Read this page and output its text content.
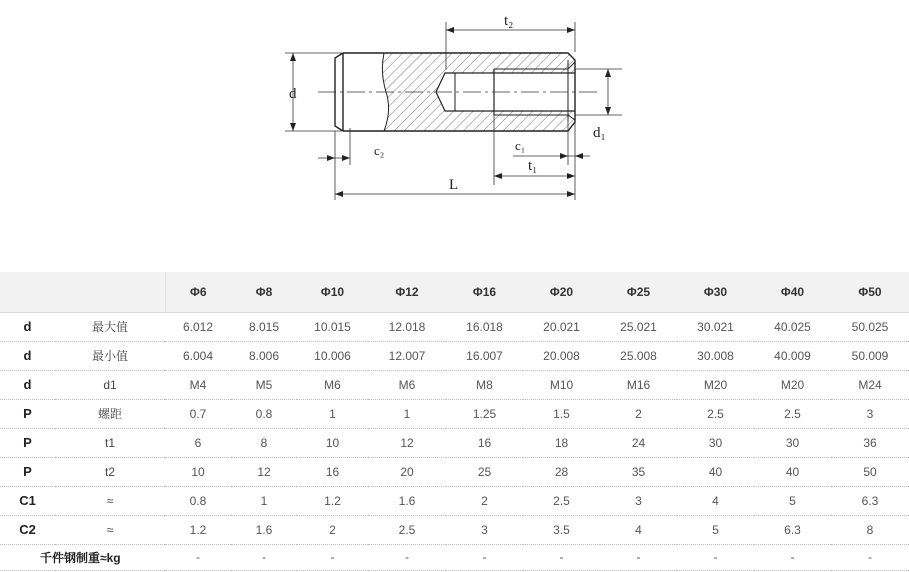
t₂
d
d₁
c₂	c₁
t₁
L
		Φ6	Φ8	Φ10	Φ12	Φ16	Φ20	Φ25	Φ30	Φ40	Φ50
d	最大值	6.012	8.015	10.015	12.018	16.018	20.021	25.021	30.021	40.025	50.025
d	最小值	6.004	8.006	10.006	12.007	16.007	20.008	25.008	30.008	40.009	50.009
d	d1	M4	M5	M6	M6	M8	M10	M16	M20	M20	M24
P	螺距	0.7	0.8	1	1	1.25	1.5	2	2.5	2.5	3
P	t1	6	8	10	12	16	18	24	30	30	36
P	t2	10	12	16	20	25	28	35	40	40	50
C1	≈	0.8	1	1.2	1.6	2	2.5	3	4	5	6.3
C2	≈	1.2	1.6	2	2.5	3	3.5	4	5	6.3	8
千件钢制重≈kg		-	-	-	-	-	-	-	-	-	-
